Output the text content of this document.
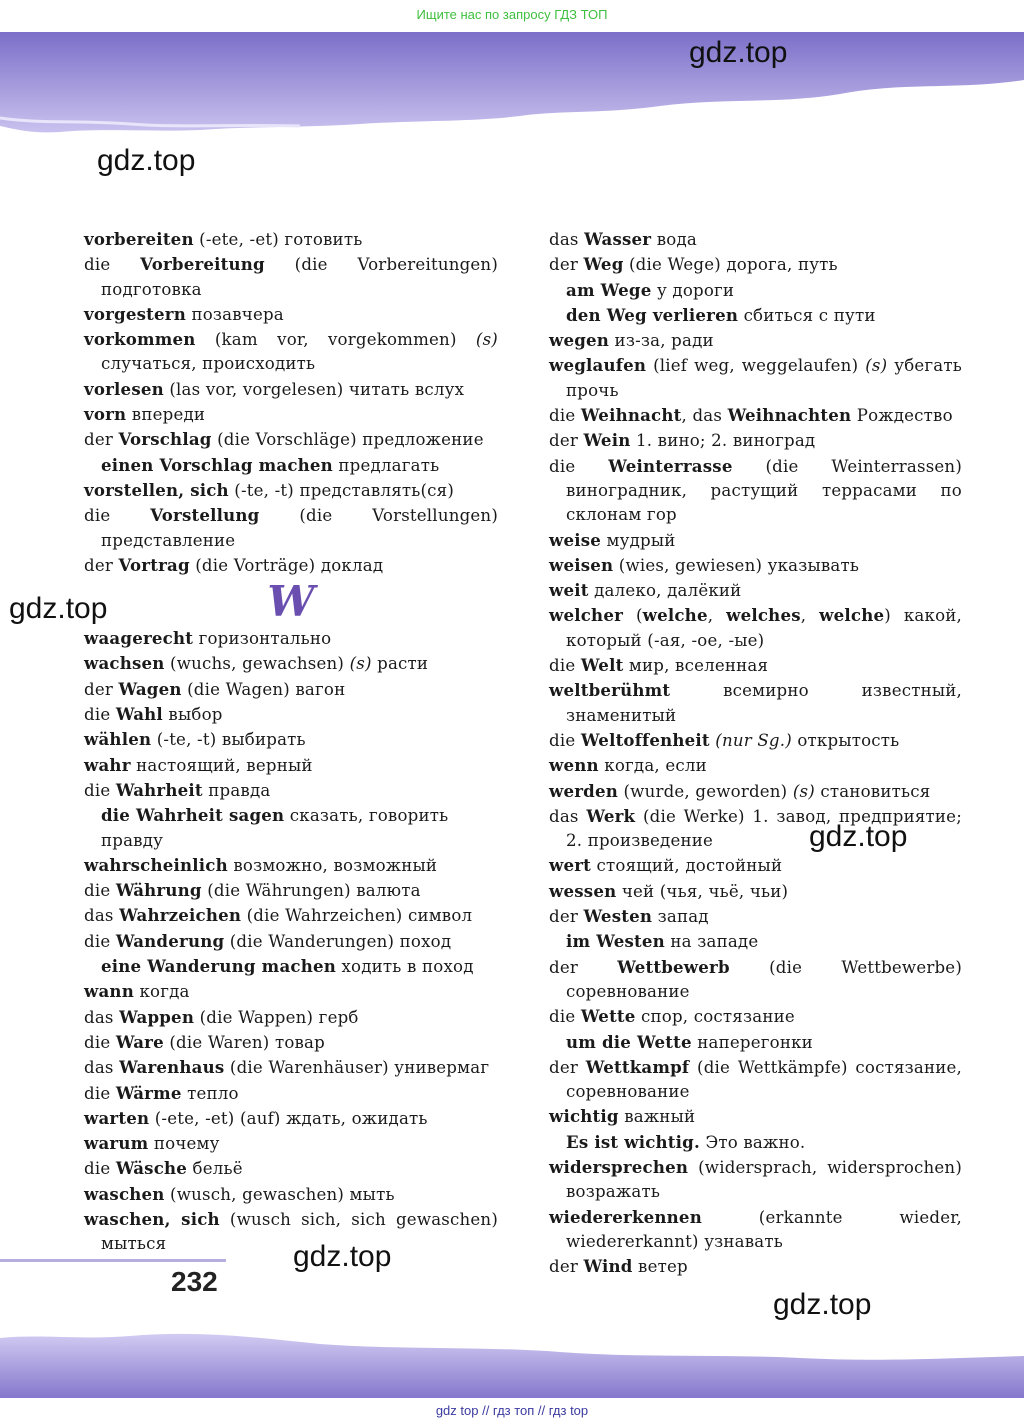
Ищите нас по запросу ГДЗ ТОП
gdz.top
gdz.top
gdz.top
gdz.top
gdz.top
gdz.top
vorbereiten (-ete, -et) готовить
die Vorbereitung (die Vorbereitungen) подготовка
vorgestern позавчера
vorkommen (kam vor, vorgekommen) (s) случаться, происходить
vorlesen (las vor, vorgelesen) читать вслух
vorn впереди
der Vorschlag (die Vorschläge) предложение
einen Vorschlag machen предлагать
vorstellen, sich (-te, -t) представлять(ся)
die Vorstellung (die Vorstellungen) представление
der Vortrag (die Vorträge) доклад
W
waagerecht горизонтально
wachsen (wuchs, gewachsen) (s) расти
der Wagen (die Wagen) вагон
die Wahl выбор
wählen (-te, -t) выбирать
wahr настоящий, верный
die Wahrheit правда
die Wahrheit sagen сказать, говорить правду
wahrscheinlich возможно, возможный
die Währung (die Währungen) валюта
das Wahrzeichen (die Wahrzeichen) символ
die Wanderung (die Wanderungen) поход
eine Wanderung machen ходить в поход
wann когда
das Wappen (die Wappen) герб
die Ware (die Waren) товар
das Warenhaus (die Warenhäuser) универмаг
die Wärme тепло
warten (-ete, -et) (auf) ждать, ожидать
warum почему
die Wäsche бельё
waschen (wusch, gewaschen) мыть
waschen, sich (wusch sich, sich gewaschen) мыться
das Wasser вода
der Weg (die Wege) дорога, путь
am Wege у дороги
den Weg verlieren сбиться с пути
wegen из-за, ради
weglaufen (lief weg, weggelaufen) (s) убегать прочь
die Weihnacht, das Weihnachten Рождество
der Wein 1. вино; 2. виноград
die Weinterrasse (die Weinterrassen) виноградник, растущий террасами по склонам гор
weise мудрый
weisen (wies, gewiesen) указывать
weit далеко, далёкий
welcher (welche, welches, welche) какой, который (-ая, -ое, -ые)
die Welt мир, вселенная
weltberühmt всемирно известный, знаменитый
die Weltoffenheit (nur Sg.) открытость
wenn когда, если
werden (wurde, geworden) (s) становиться
das Werk (die Werke) 1. завод, предприятие; 2. произведение
wert стоящий, достойный
wessen чей (чья, чьё, чьи)
der Westen запад
im Westen на западе
der Wettbewerb (die Wettbewerbe) соревнование
die Wette спор, состязание
um die Wette наперегонки
der Wettkampf (die Wettkämpfe) состязание, соревнование
wichtig важный
Es ist wichtig. Это важно.
widersprechen (widersprach, widersprochen) возражать
wiedererkennen (erkannte wieder, wiedererkannt) узнавать
der Wind ветер
232
gdz top // гдз топ // гдз top
